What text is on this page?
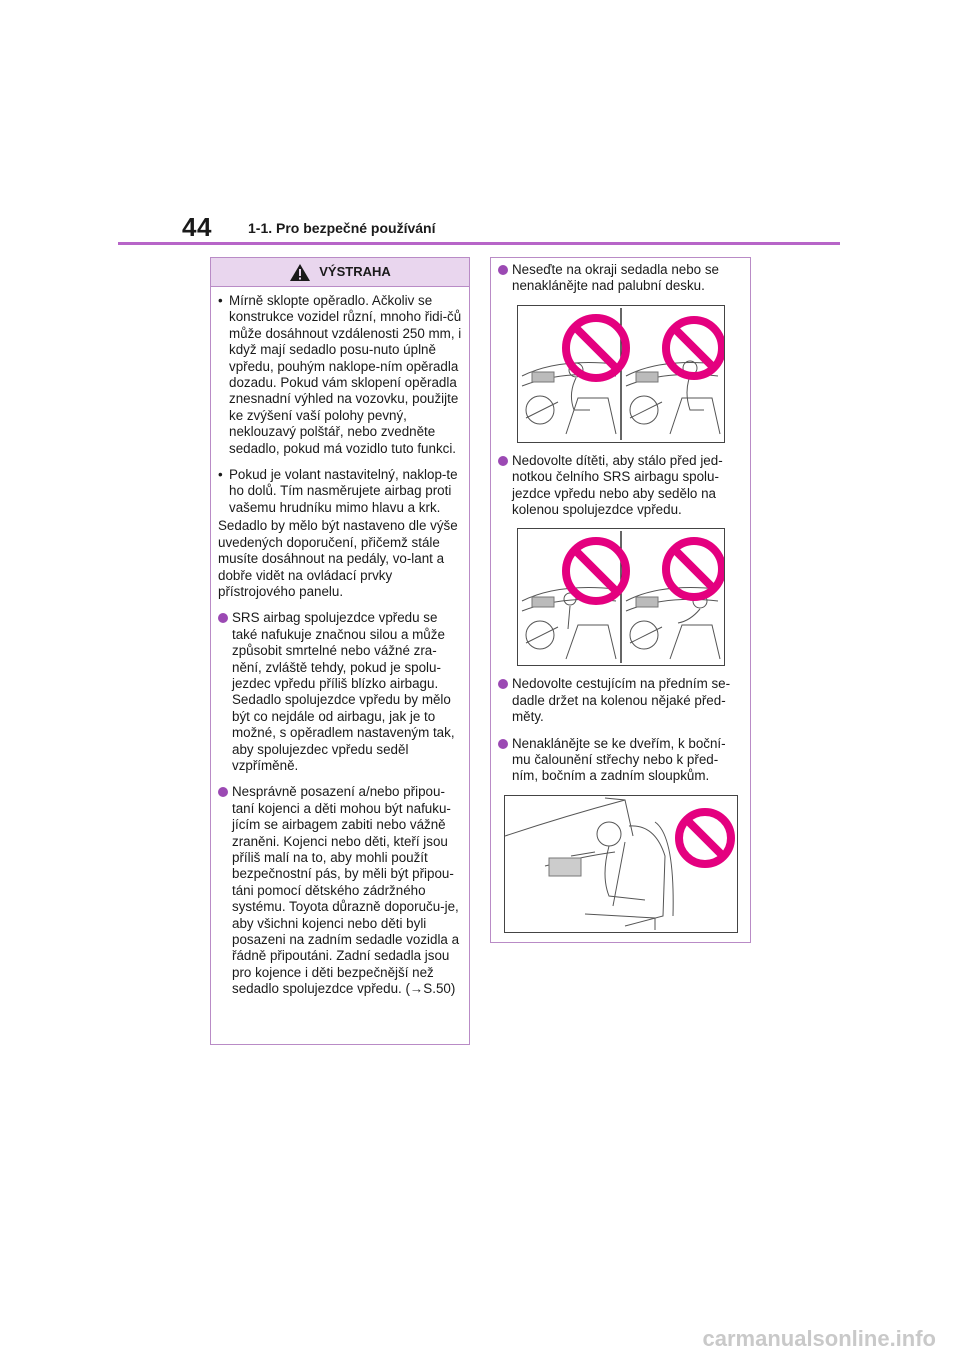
44	1-1. Pro bezpečné používání
VÝSTRAHA
• Mírně sklopte opěradlo. Ačkoliv se konstrukce vozidel různí, mnoho řidi-čů může dosáhnout vzdálenosti 250 mm, i když mají sedadlo posu-nuto úplně vpředu, pouhým naklope-ním opěradla dozadu. Pokud vám sklopení opěradla znesnadní výhled na vozovku, použijte ke zvýšení vaší polohy pevný, neklouzavý polštář, nebo zvedněte sedadlo, pokud má vozidlo tuto funkci.
• Pokud je volant nastavitelný, naklop-te ho dolů. Tím nasměrujete airbag proti vašemu hrudníku mimo hlavu a krk.
Sedadlo by mělo být nastaveno dle výše uvedených doporučení, přičemž stále musíte dosáhnout na pedály, vo-lant a dobře vidět na ovládací prvky přístrojového panelu.
SRS airbag spolujezdce vpředu se také nafukuje značnou silou a může způsobit smrtelné nebo vážné zra-nění, zvláště tehdy, pokud je spolu-jezdec vpředu příliš blízko airbagu. Sedadlo spolujezdce vpředu by mělo být co nejdále od airbagu, jak je to možné, s opěradlem nastaveným tak, aby spolujezdec vpředu seděl vzpříměně.
Nesprávně posazení a/nebo připou-taní kojenci a děti mohou být nafuku-jícím se airbagem zabiti nebo vážně zraněni. Kojenci nebo děti, kteří jsou příliš malí na to, aby mohli použít bezpečnostní pás, by měli být připou-táni pomocí dětského zádržného systému. Toyota důrazně doporuču-je, aby všichni kojenci nebo děti byli posazeni na zadním sedadle vozidla a řádně připoutáni. Zadní sedadla jsou pro kojence i děti bezpečnější než sedadlo spolujezdce vpředu. (→S.50)
Neseďte na okraji sedadla nebo se nenaklánějte nad palubní desku.
Nedovolte dítěti, aby stálo před jed-notkou čelního SRS airbagu spolu-jezdce vpředu nebo aby sedělo na kolenou spolujezdce vpředu.
Nedovolte cestujícím na předním se-dadle držet na kolenou nějaké před-měty.
Nenaklánějte se ke dveřím, k boční-mu čalounění střechy nebo k před-ním, bočním a zadním sloupkům.
carmanualsonline.info
